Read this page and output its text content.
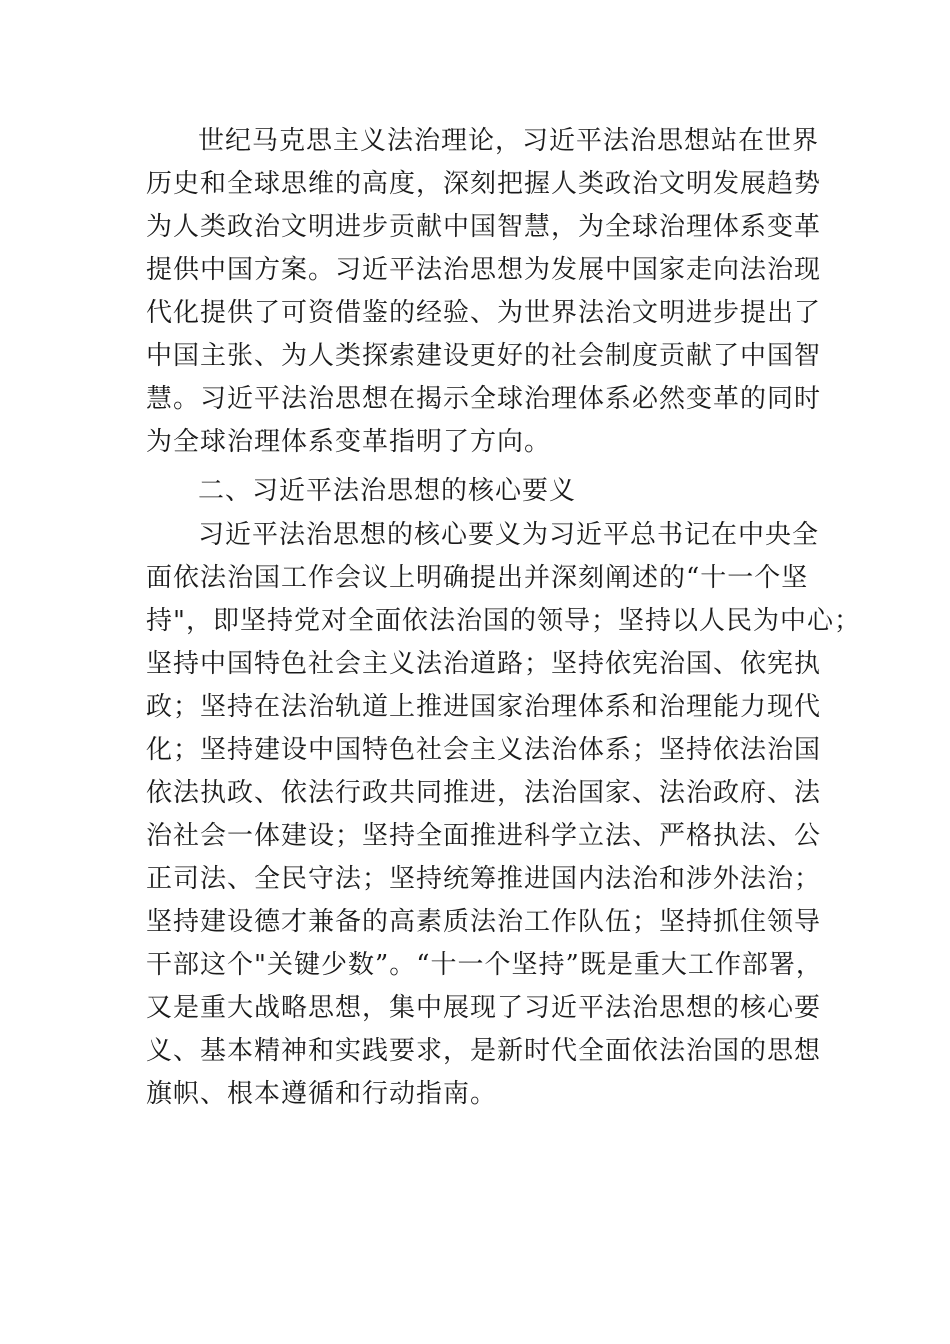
世纪马克思主义法治理论，习近平法治思想站在世界
历史和全球思维的高度，深刻把握人类政治文明发展趋势
为人类政治文明进步贡献中国智慧，为全球治理体系变革
提供中国方案。习近平法治思想为发展中国家走向法治现
代化提供了可资借鉴的经验、为世界法治文明进步提出了
中国主张、为人类探索建设更好的社会制度贡献了中国智
慧。习近平法治思想在揭示全球治理体系必然变革的同时
为全球治理体系变革指明了方向。
二、习近平法治思想的核心要义
习近平法治思想的核心要义为习近平总书记在中央全
面依法治国工作会议上明确提出并深刻阐述的“十一个坚
持"，即坚持党对全面依法治国的领导；坚持以人民为中心；
坚持中国特色社会主义法治道路；坚持依宪治国、依宪执
政；坚持在法治轨道上推进国家治理体系和治理能力现代
化；坚持建设中国特色社会主义法治体系；坚持依法治国
依法执政、依法行政共同推进，法治国家、法治政府、法
治社会一体建设；坚持全面推进科学立法、严格执法、公
正司法、全民守法；坚持统筹推进国内法治和涉外法治；
坚持建设德才兼备的高素质法治工作队伍；坚持抓住领导
干部这个"关键少数”。“十一个坚持”既是重大工作部署，
又是重大战略思想，集中展现了习近平法治思想的核心要
义、基本精神和实践要求，是新时代全面依法治国的思想
旗帜、根本遵循和行动指南。
